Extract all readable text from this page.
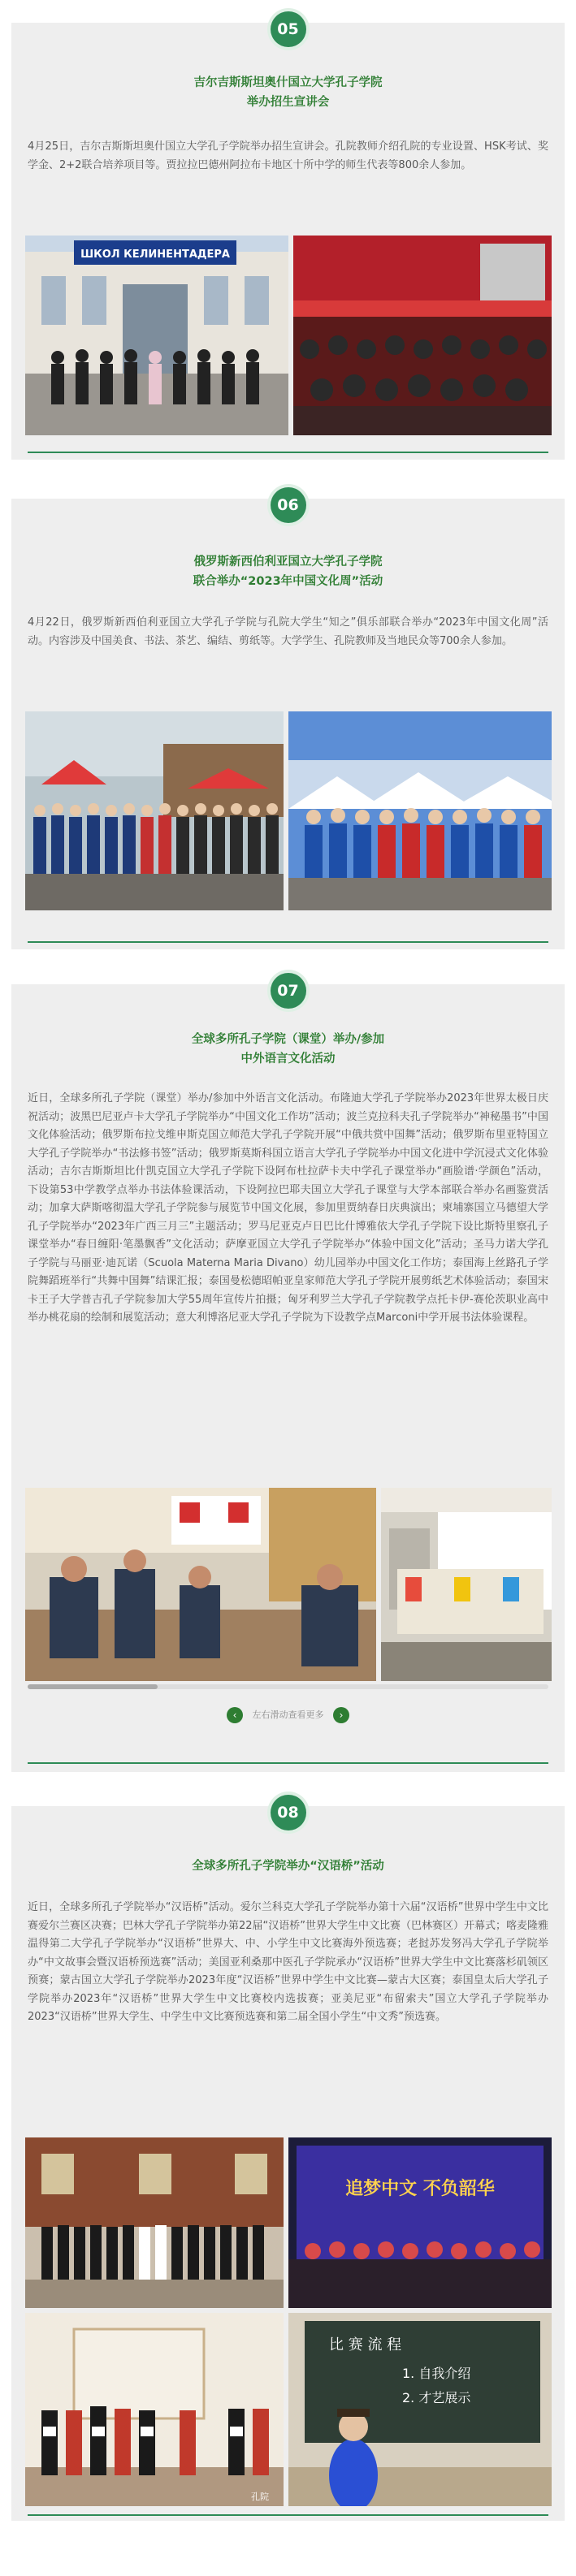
05
吉尔吉斯斯坦奥什国立大学孔子学院
举办招生宣讲会
4月25日，吉尔吉斯斯坦奥什国立大学孔子学院举办招生宣讲会。孔院教师介绍孔院的专业设置、HSK考试、奖学金、2+2联合培养项目等。贾拉拉巴德州阿拉布卡地区十所中学的师生代表等800余人参加。
ШКОЛ КЕЛИНЕНТАДЕРА
06
俄罗斯新西伯利亚国立大学孔子学院
联合举办“2023年中国文化周”活动
4月22日，俄罗斯新西伯利亚国立大学孔子学院与孔院大学生“知之”俱乐部联合举办“2023年中国文化周”活动。内容涉及中国美食、书法、茶艺、编结、剪纸等。大学学生、孔院教师及当地民众等700余人参加。
07
全球多所孔子学院（课堂）举办/参加
中外语言文化活动
近日，全球多所孔子学院（课堂）举办/参加中外语言文化活动。布隆迪大学孔子学院举办2023年世界太极日庆祝活动；波黑巴尼亚卢卡大学孔子学院举办“中国文化工作坊”活动；波兰克拉科夫孔子学院举办“神秘墨书”中国文化体验活动；俄罗斯布拉戈维申斯克国立师范大学孔子学院开展“中俄共赏中国舞”活动；俄罗斯布里亚特国立大学孔子学院举办“书法修书签”活动；俄罗斯莫斯科国立语言大学孔子学院举办中国文化进中学沉浸式文化体验活动；吉尔吉斯斯坦比什凯克国立大学孔子学院下设阿布杜拉萨卡夫中学孔子课堂举办“画脸谱·学颜色”活动，下设第53中学教学点举办书法体验课活动，下设阿拉巴耶夫国立大学孔子课堂与大学本部联合举办名画鉴赏活动；加拿大萨斯喀彻温大学孔子学院参与展览节中国文化展，参加里贾纳春日庆典演出；柬埔寨国立马德望大学孔子学院举办“2023年广西三月三”主题活动；罗马尼亚克卢日巴比什博雅依大学孔子学院下设比斯特里察孔子课堂举办“春日缠阳·笔墨飘香”文化活动；萨摩亚国立大学孔子学院举办“体验中国文化”活动；圣马力诺大学孔子学院与马丽亚·迪瓦诺（Scuola Materna Maria Divano）幼儿园举办中国文化工作坊；泰国海上丝路孔子学院舞蹈班举行“共舞中国舞”结课汇报；泰国曼松德昭帕亚皇家师范大学孔子学院开展剪纸艺术体验活动；泰国宋卡王子大学普吉孔子学院参加大学55周年宣传片拍摄；匈牙利罗兰大学孔子学院教学点托卡伊-赛伦茨职业高中举办桃花扇的绘制和展览活动；意大利博洛尼亚大学孔子学院为下设教学点Marconi中学开展书法体验课程。
‹ 左右滑动查看更多 ›
08
全球多所孔子学院举办“汉语桥”活动
近日，全球多所孔子学院举办“汉语桥”活动。爱尔兰科克大学孔子学院举办第十六届“汉语桥”世界中学生中文比赛爱尔兰赛区决赛；巴林大学孔子学院举办第22届“汉语桥”世界大学生中文比赛（巴林赛区）开幕式；喀麦隆雅温得第二大学孔子学院举办“汉语桥”世界大、中、小学生中文比赛海外预选赛；老挝苏发努冯大学孔子学院举办“中文故事会暨汉语桥预选赛”活动；美国亚利桑那中医孔子学院承办“汉语桥”世界大学生中文比赛落杉矶领区预赛；蒙古国立大学孔子学院举办2023年度“汉语桥”世界中学生中文比赛—蒙古大区赛；泰国皇太后大学孔子学院举办2023年“汉语桥”世界大学生中文比赛校内选拔赛；亚美尼亚“布留索夫”国立大学孔子学院举办2023“汉语桥”世界大学生、中学生中文比赛预选赛和第二届全国小学生“中文秀”预选赛。
追梦中文 不负韶华
孔院
比 赛 流 程
1. 自我介绍
2. 才艺展示
